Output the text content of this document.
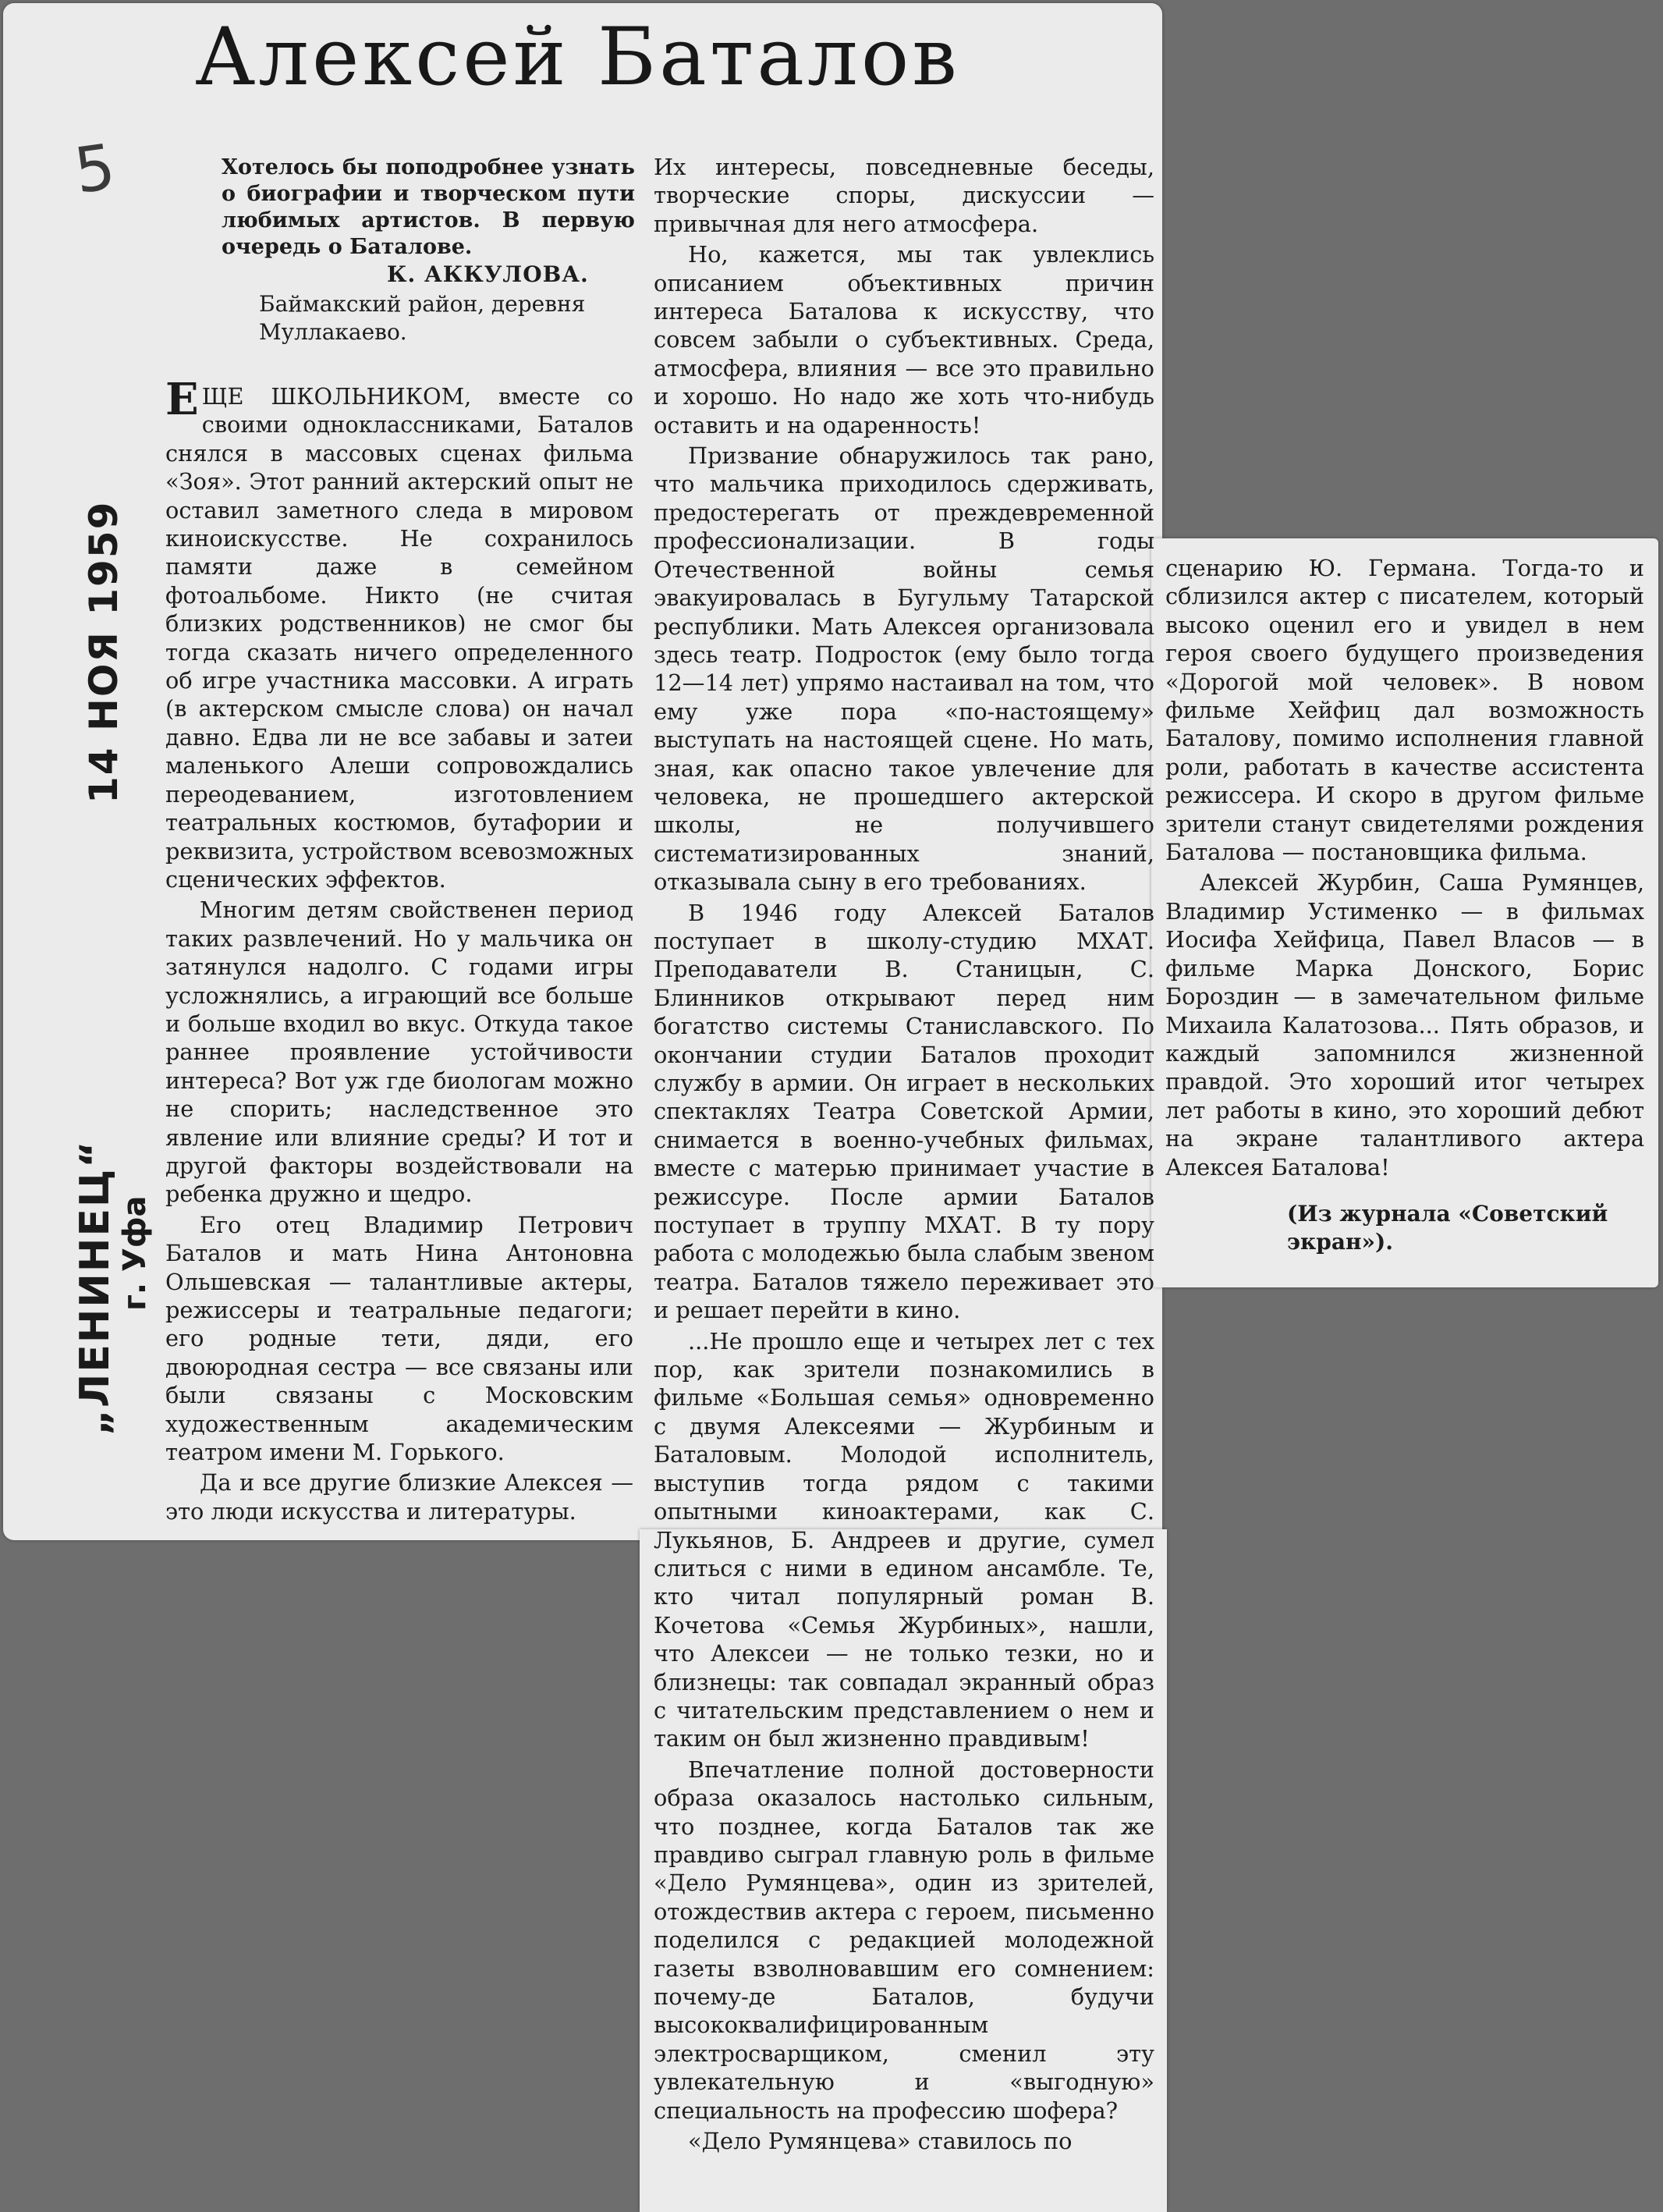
5
Алексей Баталов
Хотелось бы поподробнее узнать о биографии и творческом пути любимых артистов. В первую очередь о Баталове.
К. АККУЛОВА.
Баймакский район, деревня Муллакаево.
14 НОЯ 1959
„ЛЕНИНЕЦ“
г. Уфа

ЕЩЕ ШКОЛЬНИКОМ, вместе со своими одноклассниками, Баталов снялся в массовых сценах фильма «Зоя». Этот ранний актерский опыт не оставил заметного следа в мировом киноискусстве. Не сохранилось памяти даже в семейном фотоальбоме. Никто (не считая близких родственников) не смог бы тогда сказать ничего определенного об игре участника массовки. А играть (в актерском смысле слова) он начал давно. Едва ли не все забавы и затеи маленького Алеши сопровождались переодеванием, изготовлением театральных костюмов, бутафории и реквизита, устройством всевозможных сценических эффектов.

Многим детям свойственен период таких развлечений. Но у мальчика он затянулся надолго. С годами игры усложнялись, а играющий все больше и больше входил во вкус. Откуда такое раннее проявление устойчивости интереса? Вот уж где биологам можно не спорить; наследственное это явление или влияние среды? И тот и другой факторы воздействовали на ребенка дружно и щедро.

Его отец Владимир Петрович Баталов и мать Нина Антоновна Ольшевская — талантливые актеры, режиссеры и театральные педагоги; его родные тети, дяди, его двоюродная сестра — все связаны или были связаны с Московским художественным академическим театром имени М. Горького.

Да и все другие близкие Алексея — это люди искусства и литературы.

Их интересы, повседневные беседы, творческие споры, дискуссии — привычная для него атмосфера.

Но, кажется, мы так увлеклись описанием объективных причин интереса Баталова к искусству, что совсем забыли о субъективных. Среда, атмосфера, влияния — все это правильно и хорошо. Но надо же хоть что-нибудь оставить и на одаренность!

Призвание обнаружилось так рано, что мальчика приходилось сдерживать, предостерегать от преждевременной профессионализации. В годы Отечественной войны семья эвакуировалась в Бугульму Татарской республики. Мать Алексея организовала здесь театр. Подросток (ему было тогда 12—14 лет) упрямо настаивал на том, что ему уже пора «по-настоящему» выступать на настоящей сцене. Но мать, зная, как опасно такое увлечение для человека, не прошедшего актерской школы, не получившего систематизированных знаний, отказывала сыну в его требованиях.

В 1946 году Алексей Баталов поступает в школу-студию МХАТ. Преподаватели В. Станицын, С. Блинников открывают перед ним богатство системы Станиславского. По окончании студии Баталов проходит службу в армии. Он играет в нескольких спектаклях Театра Советской Армии, снимается в военно-учебных фильмах, вместе с матерью принимает участие в режиссуре. После армии Баталов поступает в труппу МХАТ. В ту пору работа с молодежью была слабым звеном театра. Баталов тяжело переживает это и решает перейти в кино.

...Не прошло еще и четырех лет с тех пор, как зрители познакомились в фильме «Большая семья» одновременно с двумя Алексеями — Журбиным и Баталовым. Молодой исполнитель, выступив тогда рядом с такими опытными киноактерами, как С. Лукьянов, Б. Андреев и другие, сумел слиться с ними в едином ансамбле. Те, кто читал популярный роман В. Кочетова «Семья Журбиных», нашли, что Алексеи — не только тезки, но и близнецы: так совпадал экранный образ с читательским представлением о нем и таким он был жизненно правдивым!

Впечатление полной достоверности образа оказалось настолько сильным, что позднее, когда Баталов так же правдиво сыграл главную роль в фильме «Дело Румянцева», один из зрителей, отождествив актера с героем, письменно поделился с редакцией молодежной газеты взволновавшим его сомнением: почему-де Баталов, будучи высококвалифицированным электросварщиком, сменил эту увлекательную и «выгодную» специальность на профессию шофера?

«Дело Румянцева» ставилось по

сценарию Ю. Германа. Тогда-то и сблизился актер с писателем, который высоко оценил его и увидел в нем героя своего будущего произведения «Дорогой мой человек». В новом фильме Хейфиц дал возможность Баталову, помимо исполнения главной роли, работать в качестве ассистента режиссера. И скоро в другом фильме зрители станут свидетелями рождения Баталова — постановщика фильма.

Алексей Журбин, Саша Румянцев, Владимир Устименко — в фильмах Иосифа Хейфица, Павел Власов — в фильме Марка Донского, Борис Бороздин — в замечательном фильме Михаила Калатозова... Пять образов, и каждый запомнился жизненной правдой. Это хороший итог четырех лет работы в кино, это хороший дебют на экране талантливого актера Алексея Баталова!

(Из журнала «Советский экран»).
